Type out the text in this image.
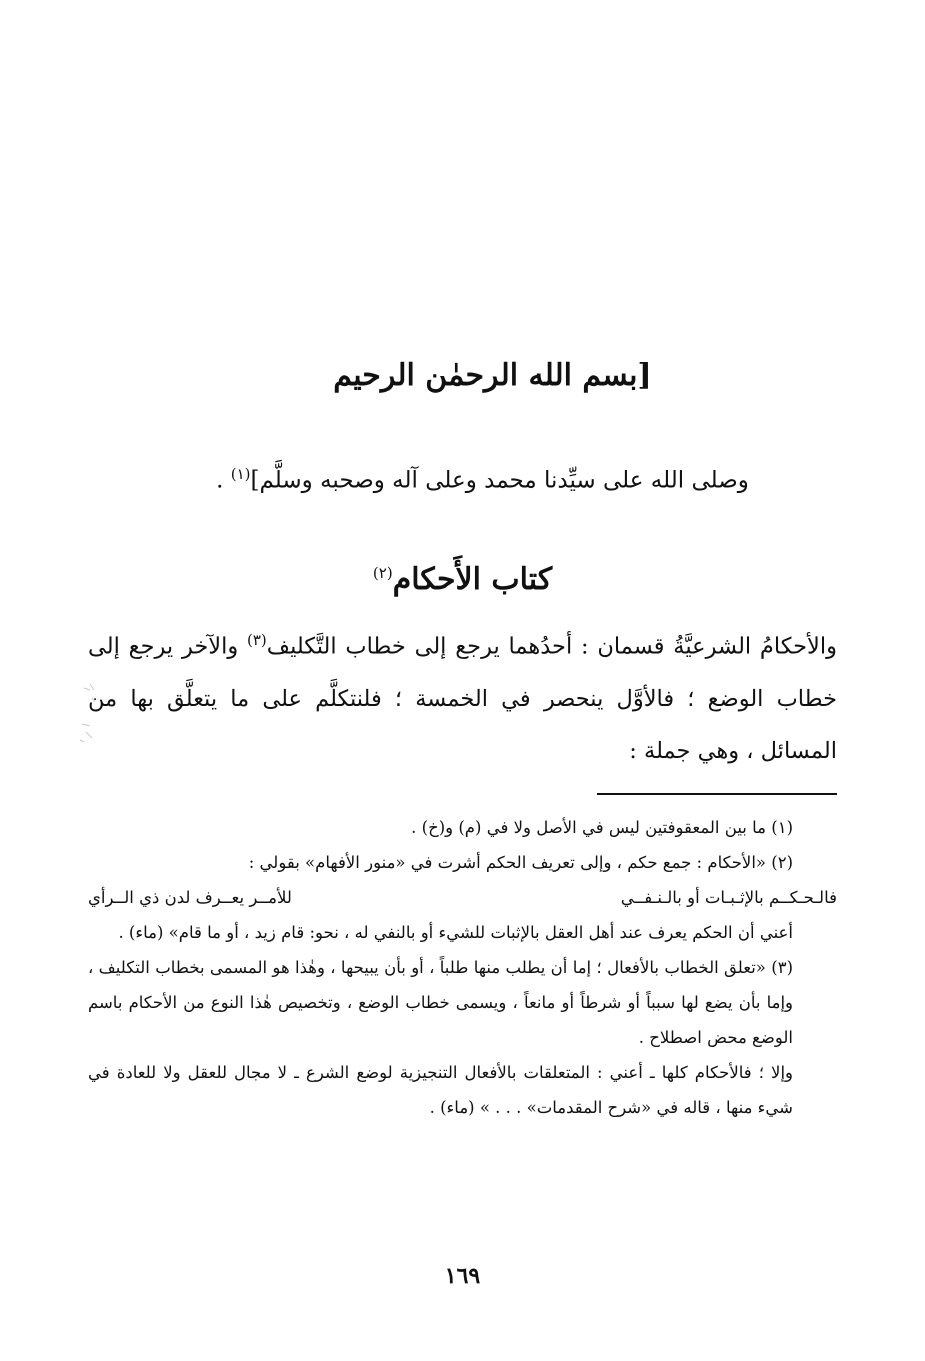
[بسم الله الرحمٰن الرحيم
وصلى الله على سيِّدنا محمد وعلى آله وصحبه وسلَّم]$^{(١)}$ .
كتاب الأَحكام$^{(٢)}$
والأحكامُ الشرعيَّةُ قسمان : أحدُهما يرجع إلى خطاب التَّكليف$^{(٣)}$ والآخر يرجع إلى خطاب الوضع ؛ فالأوَّل ينحصر في الخمسة ؛ فلنتكلَّم على ما يتعلَّق بها من المسائل ، وهي جملة :

(١) ما بين المعقوفتين ليس في الأصل ولا في (م) و(خ) .

(٢) «الأحكام : جمع حكم ، وإلى تعريف الحكم أشرت في «منور الأفهام» بقولي :

فالـحـكــم بالإثـبـات أو بالـنـفــي
للأمــر يعــرف لدن ذي الــرأي

أعني أن الحكم يعرف عند أهل العقل بالإثبات للشيء أو بالنفي له ، نحو: قام زيد ، أو ما قام» (ماء) .

(٣) «تعلق الخطاب بالأفعال ؛ إما أن يطلب منها طلباً ، أو بأن يبيحها ، وهٰذا هو المسمى بخطاب التكليف ، وإما بأن يضع لها سبباً أو شرطاً أو مانعاً ، ويسمى خطاب الوضع ، وتخصيص هٰذا النوع من الأحكام باسم الوضع محض اصطلاح .

وإلا ؛ فالأحكام كلها ـ أعني : المتعلقات بالأفعال التنجيزية لوضع الشرع ـ لا مجال للعقل ولا للعادة في شيء منها ، قاله في «شرح المقدمات» . . . » (ماء) .

١٦٩
